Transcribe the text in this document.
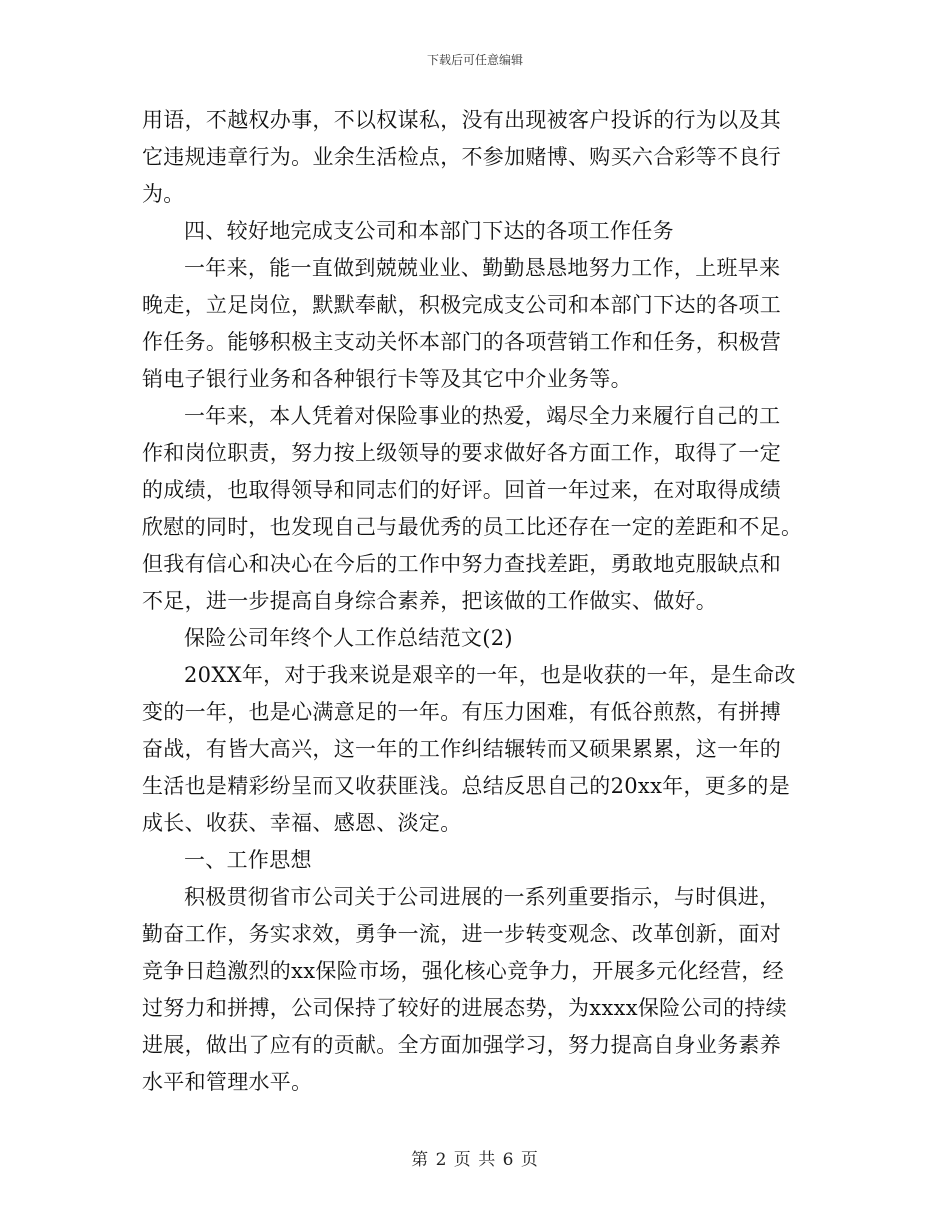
下载后可任意编辑
用语，不越权办事，不以权谋私，没有出现被客户投诉的行为以及其
它违规违章行为。业余生活检点，不参加赌博、购买六合彩等不良行
为。
四、较好地完成支公司和本部门下达的各项工作任务
一年来，能一直做到兢兢业业、勤勤恳恳地努力工作，上班早来
晚走，立足岗位，默默奉献，积极完成支公司和本部门下达的各项工
作任务。能够积极主支动关怀本部门的各项营销工作和任务，积极营
销电子银行业务和各种银行卡等及其它中介业务等。
一年来，本人凭着对保险事业的热爱，竭尽全力来履行自己的工
作和岗位职责，努力按上级领导的要求做好各方面工作，取得了一定
的成绩，也取得领导和同志们的好评。回首一年过来，在对取得成绩
欣慰的同时，也发现自己与最优秀的员工比还存在一定的差距和不足。
但我有信心和决心在今后的工作中努力查找差距，勇敢地克服缺点和
不足，进一步提高自身综合素养，把该做的工作做实、做好。
保险公司年终个人工作总结范文(2)
20XX年，对于我来说是艰辛的一年，也是收获的一年，是生命改
变的一年，也是心满意足的一年。有压力困难，有低谷煎熬，有拼搏
奋战，有皆大高兴，这一年的工作纠结辗转而又硕果累累，这一年的
生活也是精彩纷呈而又收获匪浅。总结反思自己的20xx年，更多的是
成长、收获、幸福、感恩、淡定。
一、工作思想
积极贯彻省市公司关于公司进展的一系列重要指示，与时俱进，
勤奋工作，务实求效，勇争一流，进一步转变观念、改革创新，面对
竞争日趋激烈的xx保险市场，强化核心竞争力，开展多元化经营，经
过努力和拼搏，公司保持了较好的进展态势，为xxxx保险公司的持续
进展，做出了应有的贡献。全方面加强学习，努力提高自身业务素养
水平和管理水平。
第 2 页 共 6 页
